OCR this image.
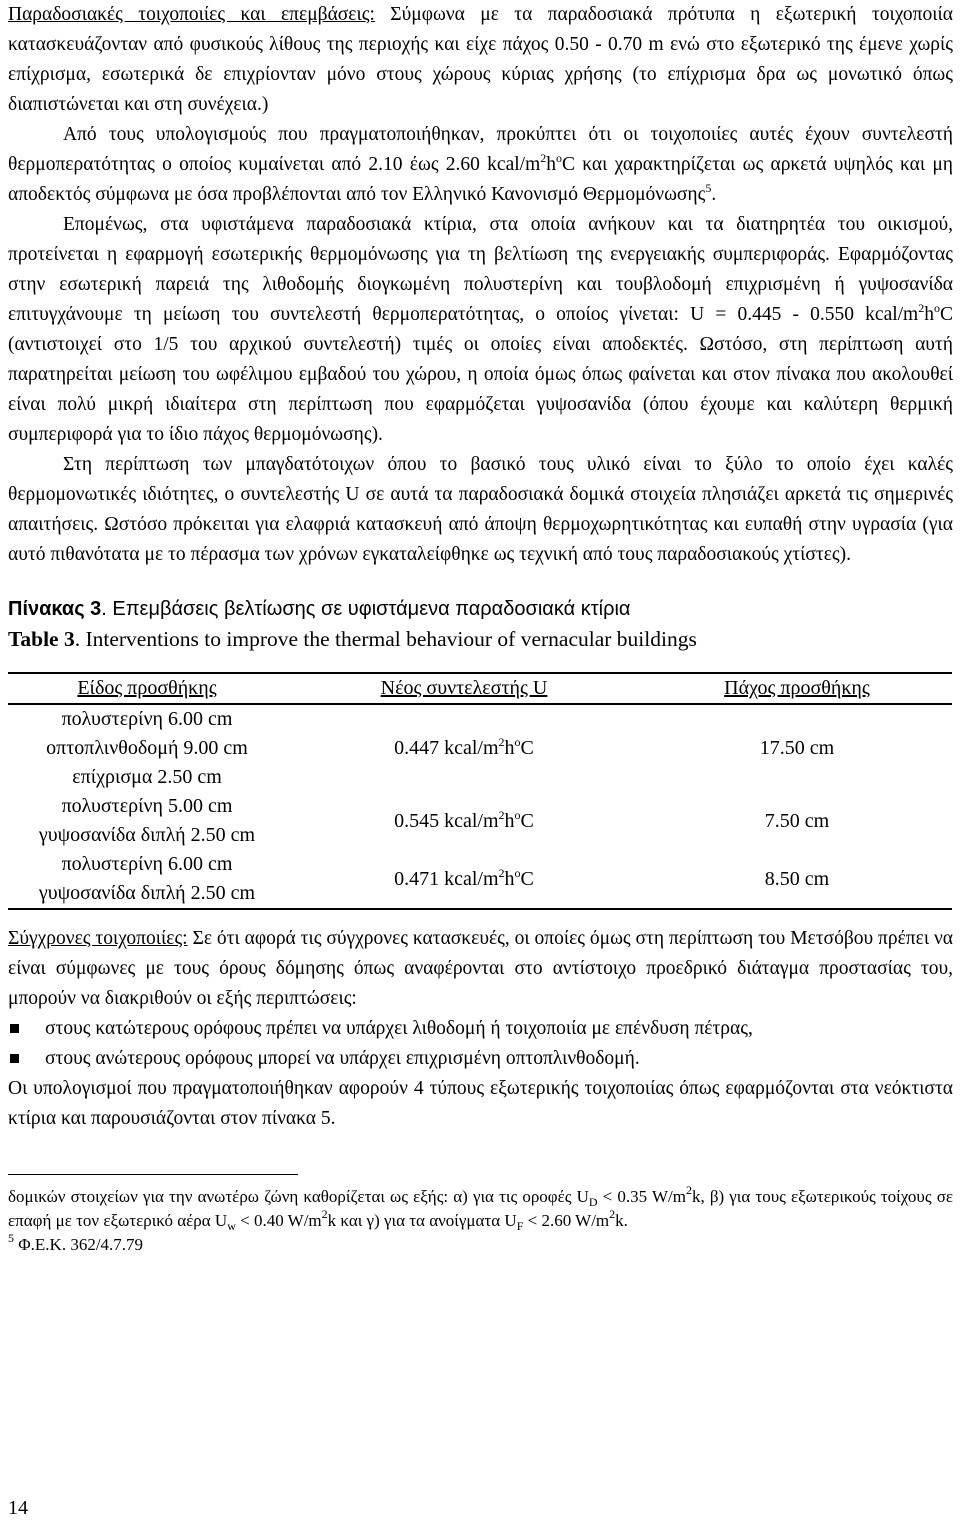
Παραδοσιακές τοιχοποιίες και επεμβάσεις: Σύμφωνα με τα παραδοσιακά πρότυπα η εξωτερική τοιχοποιία κατασκευάζονταν από φυσικούς λίθους της περιοχής και είχε πάχος 0.50 - 0.70 m ενώ στο εξωτερικό της έμενε χωρίς επίχρισμα, εσωτερικά δε επιχρίονταν μόνο στους χώρους κύριας χρήσης (το επίχρισμα δρα ως μονωτικό όπως διαπιστώνεται και στη συνέχεια.)

Από τους υπολογισμούς που πραγματοποιήθηκαν, προκύπτει ότι οι τοιχοποιίες αυτές έχουν συντελεστή θερμοπερατότητας ο οποίος κυμαίνεται από 2.10 έως 2.60 kcal/$m^2h^oC$ και χαρακτηρίζεται ως αρκετά υψηλός και μη αποδεκτός σύμφωνα με όσα προβλέπονται από τον Ελληνικό Κανονισμό Θερμομόνωσης$^5$.

Επομένως, στα υφιστάμενα παραδοσιακά κτίρια, στα οποία ανήκουν και τα διατηρητέα του οικισμού, προτείνεται η εφαρμογή εσωτερικής θερμομόνωσης για τη βελτίωση της ενεργειακής συμπεριφοράς. Εφαρμόζοντας στην εσωτερική παρειά της λιθοδομής διογκωμένη πολυστερίνη και τουβλοδομή επιχρισμένη ή γυψοσανίδα επιτυγχάνουμε τη μείωση του συντελεστή θερμοπερατότητας, ο οποίος γίνεται: U = 0.445 - 0.550 kcal/$m^2h^oC$ (αντιστοιχεί στο 1/5 του αρχικού συντελεστή) τιμές οι οποίες είναι αποδεκτές. Ωστόσο, στη περίπτωση αυτή παρατηρείται μείωση του ωφέλιμου εμβαδού του χώρου, η οποία όμως όπως φαίνεται και στον πίνακα που ακολουθεί είναι πολύ μικρή ιδιαίτερα στη περίπτωση που εφαρμόζεται γυψοσανίδα (όπου έχουμε και καλύτερη θερμική συμπεριφορά για το ίδιο πάχος θερμομόνωσης).

Στη περίπτωση των μπαγδατότοιχων όπου το βασικό τους υλικό είναι το ξύλο το οποίο έχει καλές θερμομονωτικές ιδιότητες, ο συντελεστής U σε αυτά τα παραδοσιακά δομικά στοιχεία πλησιάζει αρκετά τις σημερινές απαιτήσεις. Ωστόσο πρόκειται για ελαφριά κατασκευή από άποψη θερμοχωρητικότητας και ευπαθή στην υγρασία (για αυτό πιθανότατα με το πέρασμα των χρόνων εγκαταλείφθηκε ως τεχνική από τους παραδοσιακούς χτίστες).

Πίνακας 3. Επεμβάσεις βελτίωσης σε υφιστάμενα παραδοσιακά κτίρια
Table 3. Interventions to improve the thermal behaviour of vernacular buildings
Είδος προσθήκης	Νέος συντελεστής U	Πάχος προσθήκης

πολυστερίνη 6.00 cm
οπτοπλινθοδομή 9.00 cm
επίχρισμα 2.50 cm	0.447 kcal/$m^2h^oC$	17.50 cm

πολυστερίνη 5.00 cm
γυψοσανίδα διπλή 2.50 cm	0.545 kcal/$m^2h^oC$	7.50 cm

πολυστερίνη 6.00 cm
γυψοσανίδα διπλή 2.50 cm	0.471 kcal/$m^2h^oC$	8.50 cm

Σύγχρονες τοιχοποιίες: Σε ότι αφορά τις σύγχρονες κατασκευές, οι οποίες όμως στη περίπτωση του Μετσόβου πρέπει να είναι σύμφωνες με τους όρους δόμησης όπως αναφέρονται στο αντίστοιχο προεδρικό διάταγμα προστασίας του, μπορούν να διακριθούν οι εξής περιπτώσεις:

στους κατώτερους ορόφους πρέπει να υπάρχει λιθοδομή ή τοιχοποιία με επένδυση πέτρας,
στους ανώτερους ορόφους μπορεί να υπάρχει επιχρισμένη οπτοπλινθοδομή.

Οι υπολογισμοί που πραγματοποιήθηκαν αφορούν 4 τύπους εξωτερικής τοιχοποιίας όπως εφαρμόζονται στα νεόκτιστα κτίρια και παρουσιάζονται στον πίνακα 5.

δομικών στοιχείων για την ανωτέρω ζώνη καθορίζεται ως εξής: α) για τις οροφές $U_D < 0.35$ $W/m^2k$, β) για τους εξωτερικούς τοίχους σε επαφή με τον εξωτερικό αέρα $U_w < 0.40$ $W/m^2k$ και γ) για τα ανοίγματα $U_F < 2.60$ $W/m^2k$.

$^5$ Φ.Ε.Κ. 362/4.7.79

14
